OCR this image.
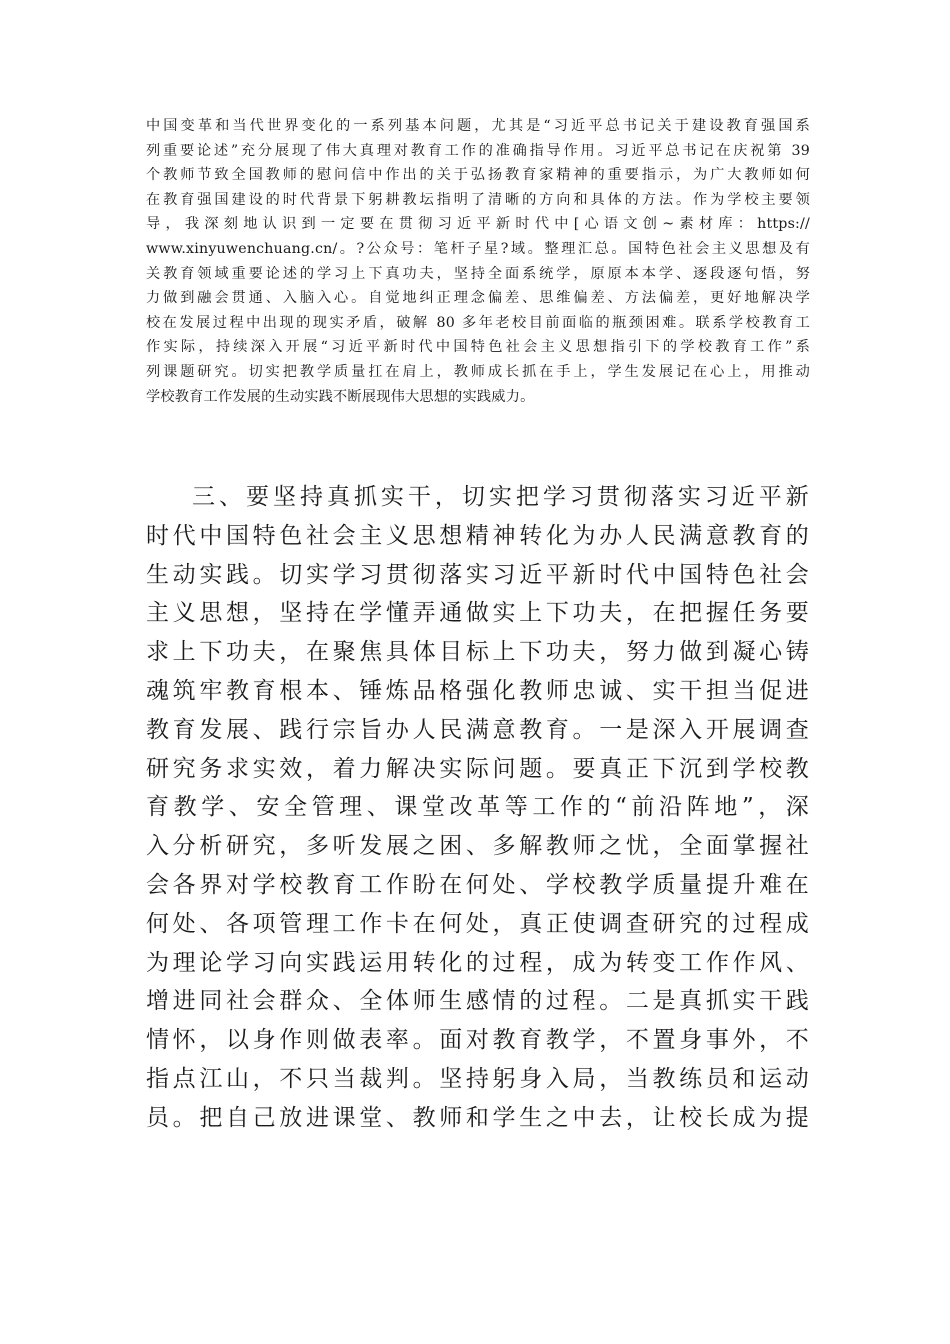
中国变革和当代世界变化的一系列基本问题，尤其是“习近平总书记关于建设教育强国系
列重要论述”充分展现了伟大真理对教育工作的准确指导作用。习近平总书记在庆祝第 39
个教师节致全国教师的慰问信中作出的关于弘扬教育家精神的重要指示，为广大教师如何
在教育强国建设的时代背景下躬耕教坛指明了清晰的方向和具体的方法。作为学校主要领
导，我深刻地认识到一定要在贯彻习近平新时代中[心语文创~素材库：https://
www.xinyuwenchuang.cn/。?公众号：笔杆子星?域。整理汇总。国特色社会主义思想及有
关教育领域重要论述的学习上下真功夫，坚持全面系统学，原原本本学、逐段逐句悟，努
力做到融会贯通、入脑入心。自觉地纠正理念偏差、思维偏差、方法偏差，更好地解决学
校在发展过程中出现的现实矛盾，破解 80 多年老校目前面临的瓶颈困难。联系学校教育工
作实际，持续深入开展“习近平新时代中国特色社会主义思想指引下的学校教育工作”系
列课题研究。切实把教学质量扛在肩上，教师成长抓在手上，学生发展记在心上，用推动
学校教育工作发展的生动实践不断展现伟大思想的实践威力。
三、要坚持真抓实干，切实把学习贯彻落实习近平新
时代中国特色社会主义思想精神转化为办人民满意教育的
生动实践。切实学习贯彻落实习近平新时代中国特色社会
主义思想，坚持在学懂弄通做实上下功夫，在把握任务要
求上下功夫，在聚焦具体目标上下功夫，努力做到凝心铸
魂筑牢教育根本、锤炼品格强化教师忠诚、实干担当促进
教育发展、践行宗旨办人民满意教育。一是深入开展调查
研究务求实效，着力解决实际问题。要真正下沉到学校教
育教学、安全管理、课堂改革等工作的“前沿阵地”，深
入分析研究，多听发展之困、多解教师之忧，全面掌握社
会各界对学校教育工作盼在何处、学校教学质量提升难在
何处、各项管理工作卡在何处，真正使调查研究的过程成
为理论学习向实践运用转化的过程，成为转变工作作风、
增进同社会群众、全体师生感情的过程。二是真抓实干践
情怀，以身作则做表率。面对教育教学，不置身事外，不
指点江山，不只当裁判。坚持躬身入局，当教练员和运动
员。把自己放进课堂、教师和学生之中去，让校长成为提
